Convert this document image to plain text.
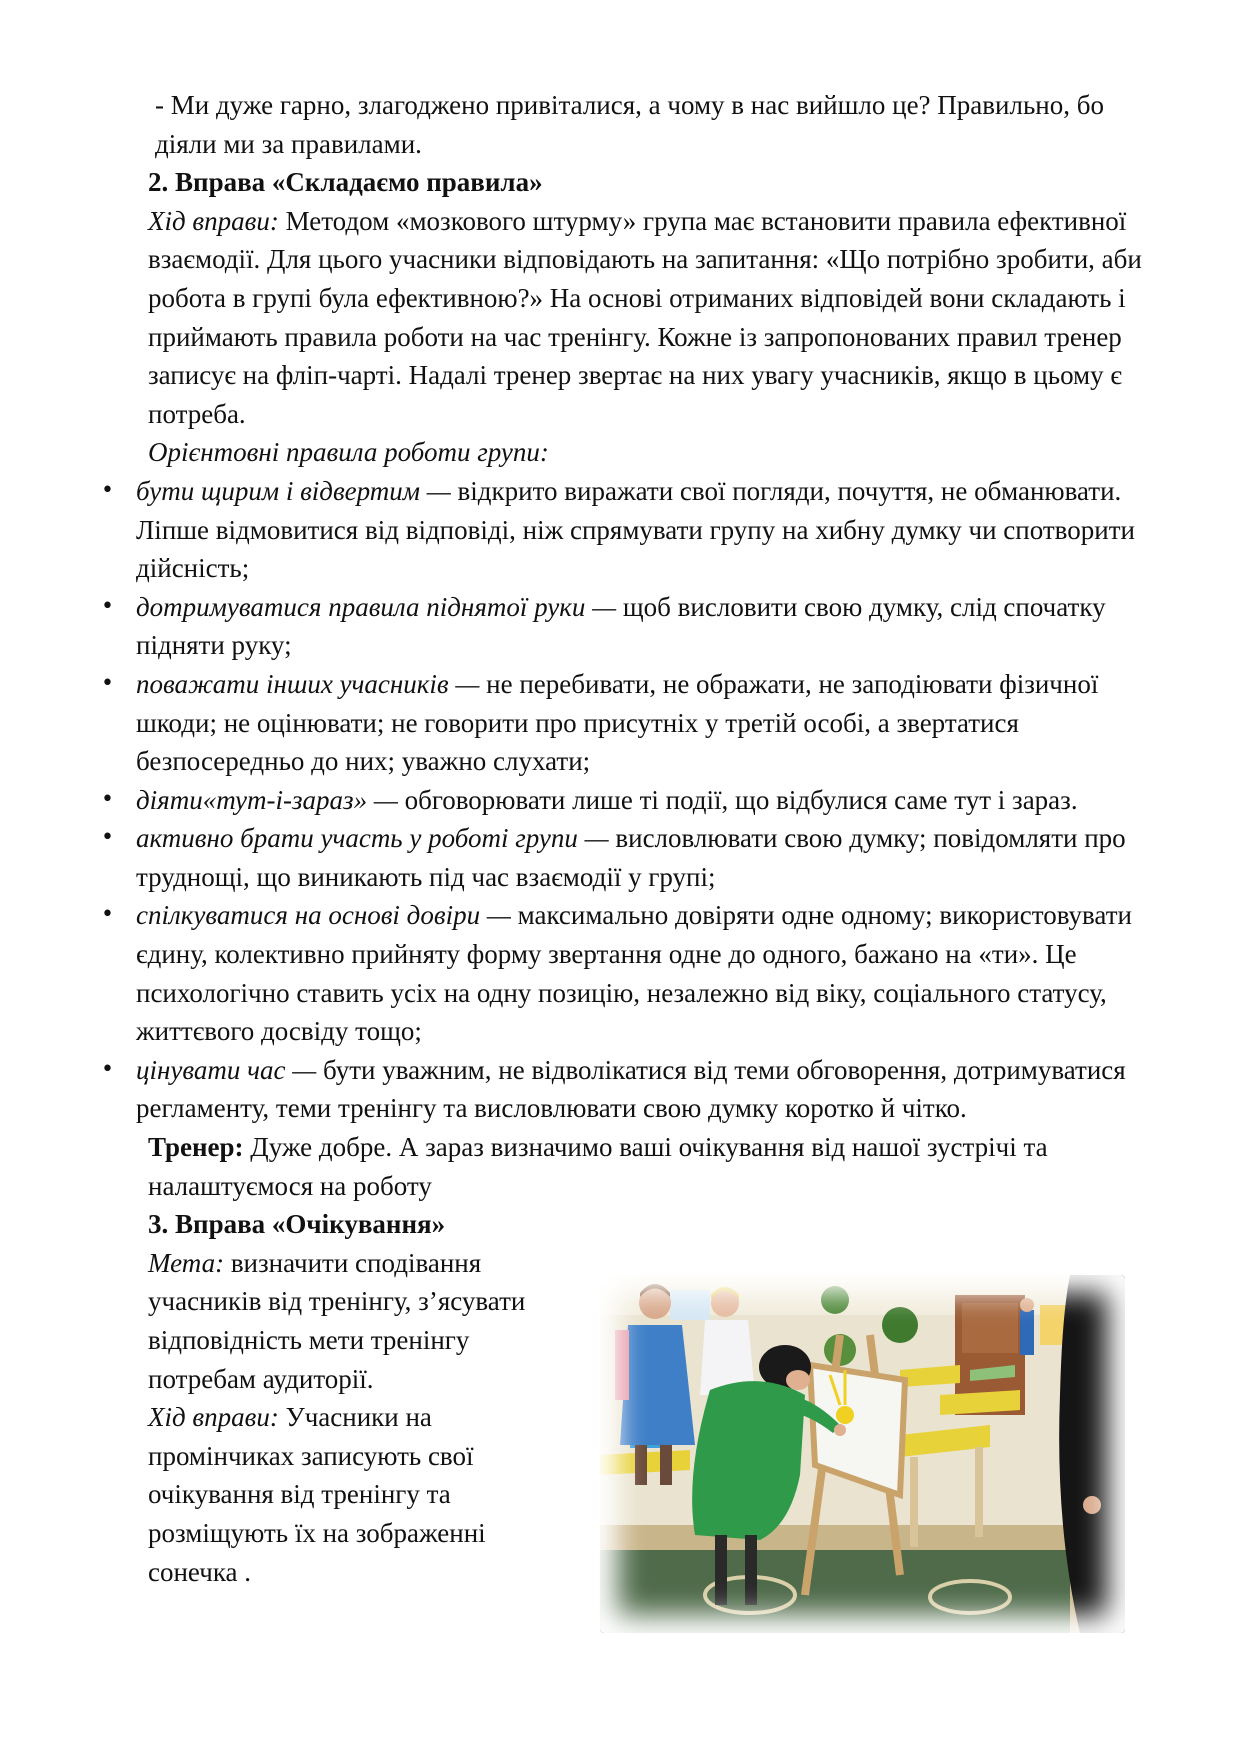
- Ми дуже гарно, злагоджено привіталися, а чому в нас вийшло це? Правильно, бо діяли ми за правилами.

2. Вправа «Складаємо правила»

Хід вправи: Методом «мозкового штурму» група має встановити правила ефективної взаємодії. Для цього учасники відповідають на запитання: «Що потрібно зробити, аби робота в групі була ефективною?» На основі отриманих відповідей вони складають і приймають правила роботи на час тренінгу. Кожне із запропонованих правил тренер записує на фліп-чарті. Надалі тренер звертає на них увагу учасників, якщо в цьому є потреба.

Орієнтовні правила роботи групи:

• бути щирим і відвертим — відкрито виражати свої погляди, почуття, не обманювати. Ліпше відмовитися від відповіді, ніж спрямувати групу на хибну думку чи спотворити дійсність;
• дотримуватися правила піднятої руки — щоб висловити свою думку, слід спочатку підняти руку;
• поважати інших учасників — не перебивати, не ображати, не заподіювати фізичної шкоди; не оцінювати; не говорити про присутніх у третій особі, а звертатися безпосередньо до них; уважно слухати;
• діяти«тут-і-зараз» — обговорювати лише ті події, що відбулися саме тут і зараз.
• активно брати участь у роботі групи — висловлювати свою думку; повідомляти про труднощі, що виникають під час взаємодії у групі;
• спілкуватися на основі довіри — максимально довіряти одне одному; використовувати єдину, колективно прийняту форму звертання одне до одного, бажано на «ти». Це психологічно ставить усіх на одну позицію, незалежно від віку, соціального статусу, життєвого досвіду тощо;
• цінувати час — бути уважним, не відволікатися від теми обговорення, дотримуватися регламенту, теми тренінгу та висловлювати свою думку коротко й чітко.

Тренер: Дуже добре. А зараз визначимо ваші очікування від нашої зустрічі та налаштуємося на роботу

3. Вправа «Очікування»

Мета: визначити сподівання учасників від тренінгу, з’ясувати відповідність мети тренінгу потребам аудиторії.

Хід вправи: Учасники на промінчиках записують свої очікування від тренінгу та розміщують їх на зображенні сонечка .
